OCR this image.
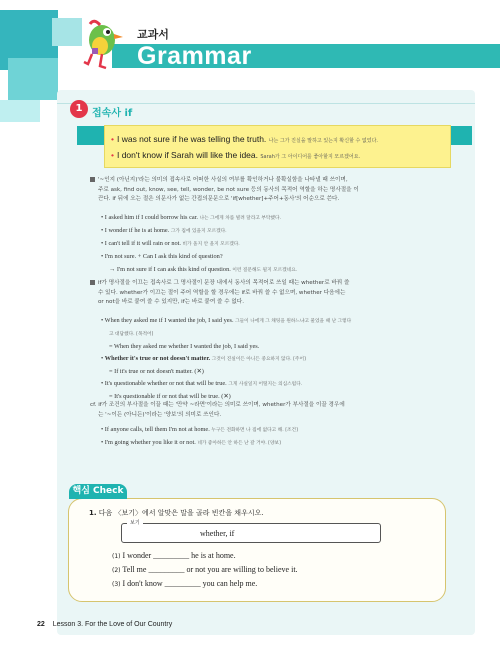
교과서
Grammar
1 접속사 if
• I was not sure if he was telling the truth. 나는 그가 진실을 말하고 있는지 확신할 수 없었다.
• I don't know if Sarah will like the idea. Sarah가 그 아이디어를 좋아할지 모르겠어요.
'~인지 (아닌지)'라는 의미의 접속사로 어떠한 사실의 여부를 확인하거나 불확실함을 나타낼 때 쓰이며,
주로 ask, find out, know, see, tell, wonder, be not sure 등의 동사의 목적어 역할을 하는 명사절을 이
끈다. if 뒤에 오는 절은 의문사가 없는 간접의문문으로 'if[whether]+주어+동사'의 어순으로 쓴다.
• I asked him if I could borrow his car. 나는 그에게 차를 빌려 달라고 부탁했다.
• I wonder if he is at home. 그가 집에 있을지 모르겠다.
• I can't tell if it will rain or not. 비가 올지 안 올지 모르겠다.
• I'm not sure. + Can I ask this kind of question?
→ I'm not sure if I can ask this kind of question. 이런 질문해도 될지 모르겠네요.
if가 명사절을 이끄는 접속사로 그 명사절이 문장 내에서 동사의 목적어로 쓰일 때는 whether로 바꿔 쓸
수 있다. whether가 이끄는 절이 주어 역할을 할 경우에는 if로 바꿔 쓸 수 없으며, whether 다음에는
or not을 바로 붙여 쓸 수 있지만, if는 바로 붙여 쓸 수 없다.
• When they asked me if I wanted the job, I said yes. 그들이 나에게 그 채팅을 원하느냐고 물었을 때 난 그렇다
고 대답했다. [목적어]
= When they asked me whether I wanted the job, I said yes.
• Whether it's true or not doesn't matter. 그것이 진실이든 아니든 중요하지 않다. [주어]
= If it's true or not doesn't matter. (✕)
• It's questionable whether or not that will be true. 그게 사실일지 어떨지는 의심스럽다.
= It's questionable if or not that will be true. (✕)
cf. if가 조건의 부사절을 이끌 때는 '만약 ~라면'이라는 의미로 쓰이며, whether가 부사절을 이끌 경우에
는 '~이든 (아니든)'이라는 '양보'의 의미로 쓰인다.
• If anyone calls, tell them I'm not at home. 누구든 전화하면 나 집에 없다고 해. [조건]
• I'm going whether you like it or not. 네가 좋아하든 안 하든 난 갈 거야. [양보]
핵심 Check
1. 다음 〈보기〉에서 알맞은 말을 골라 빈칸을 채우시오.
보기
whether, if
(1) I wonder _________ he is at home.
(2) Tell me _________ or not you are willing to believe it.
(3) I don't know _________ you can help me.
22 Lesson 3. For the Love of Our Country
